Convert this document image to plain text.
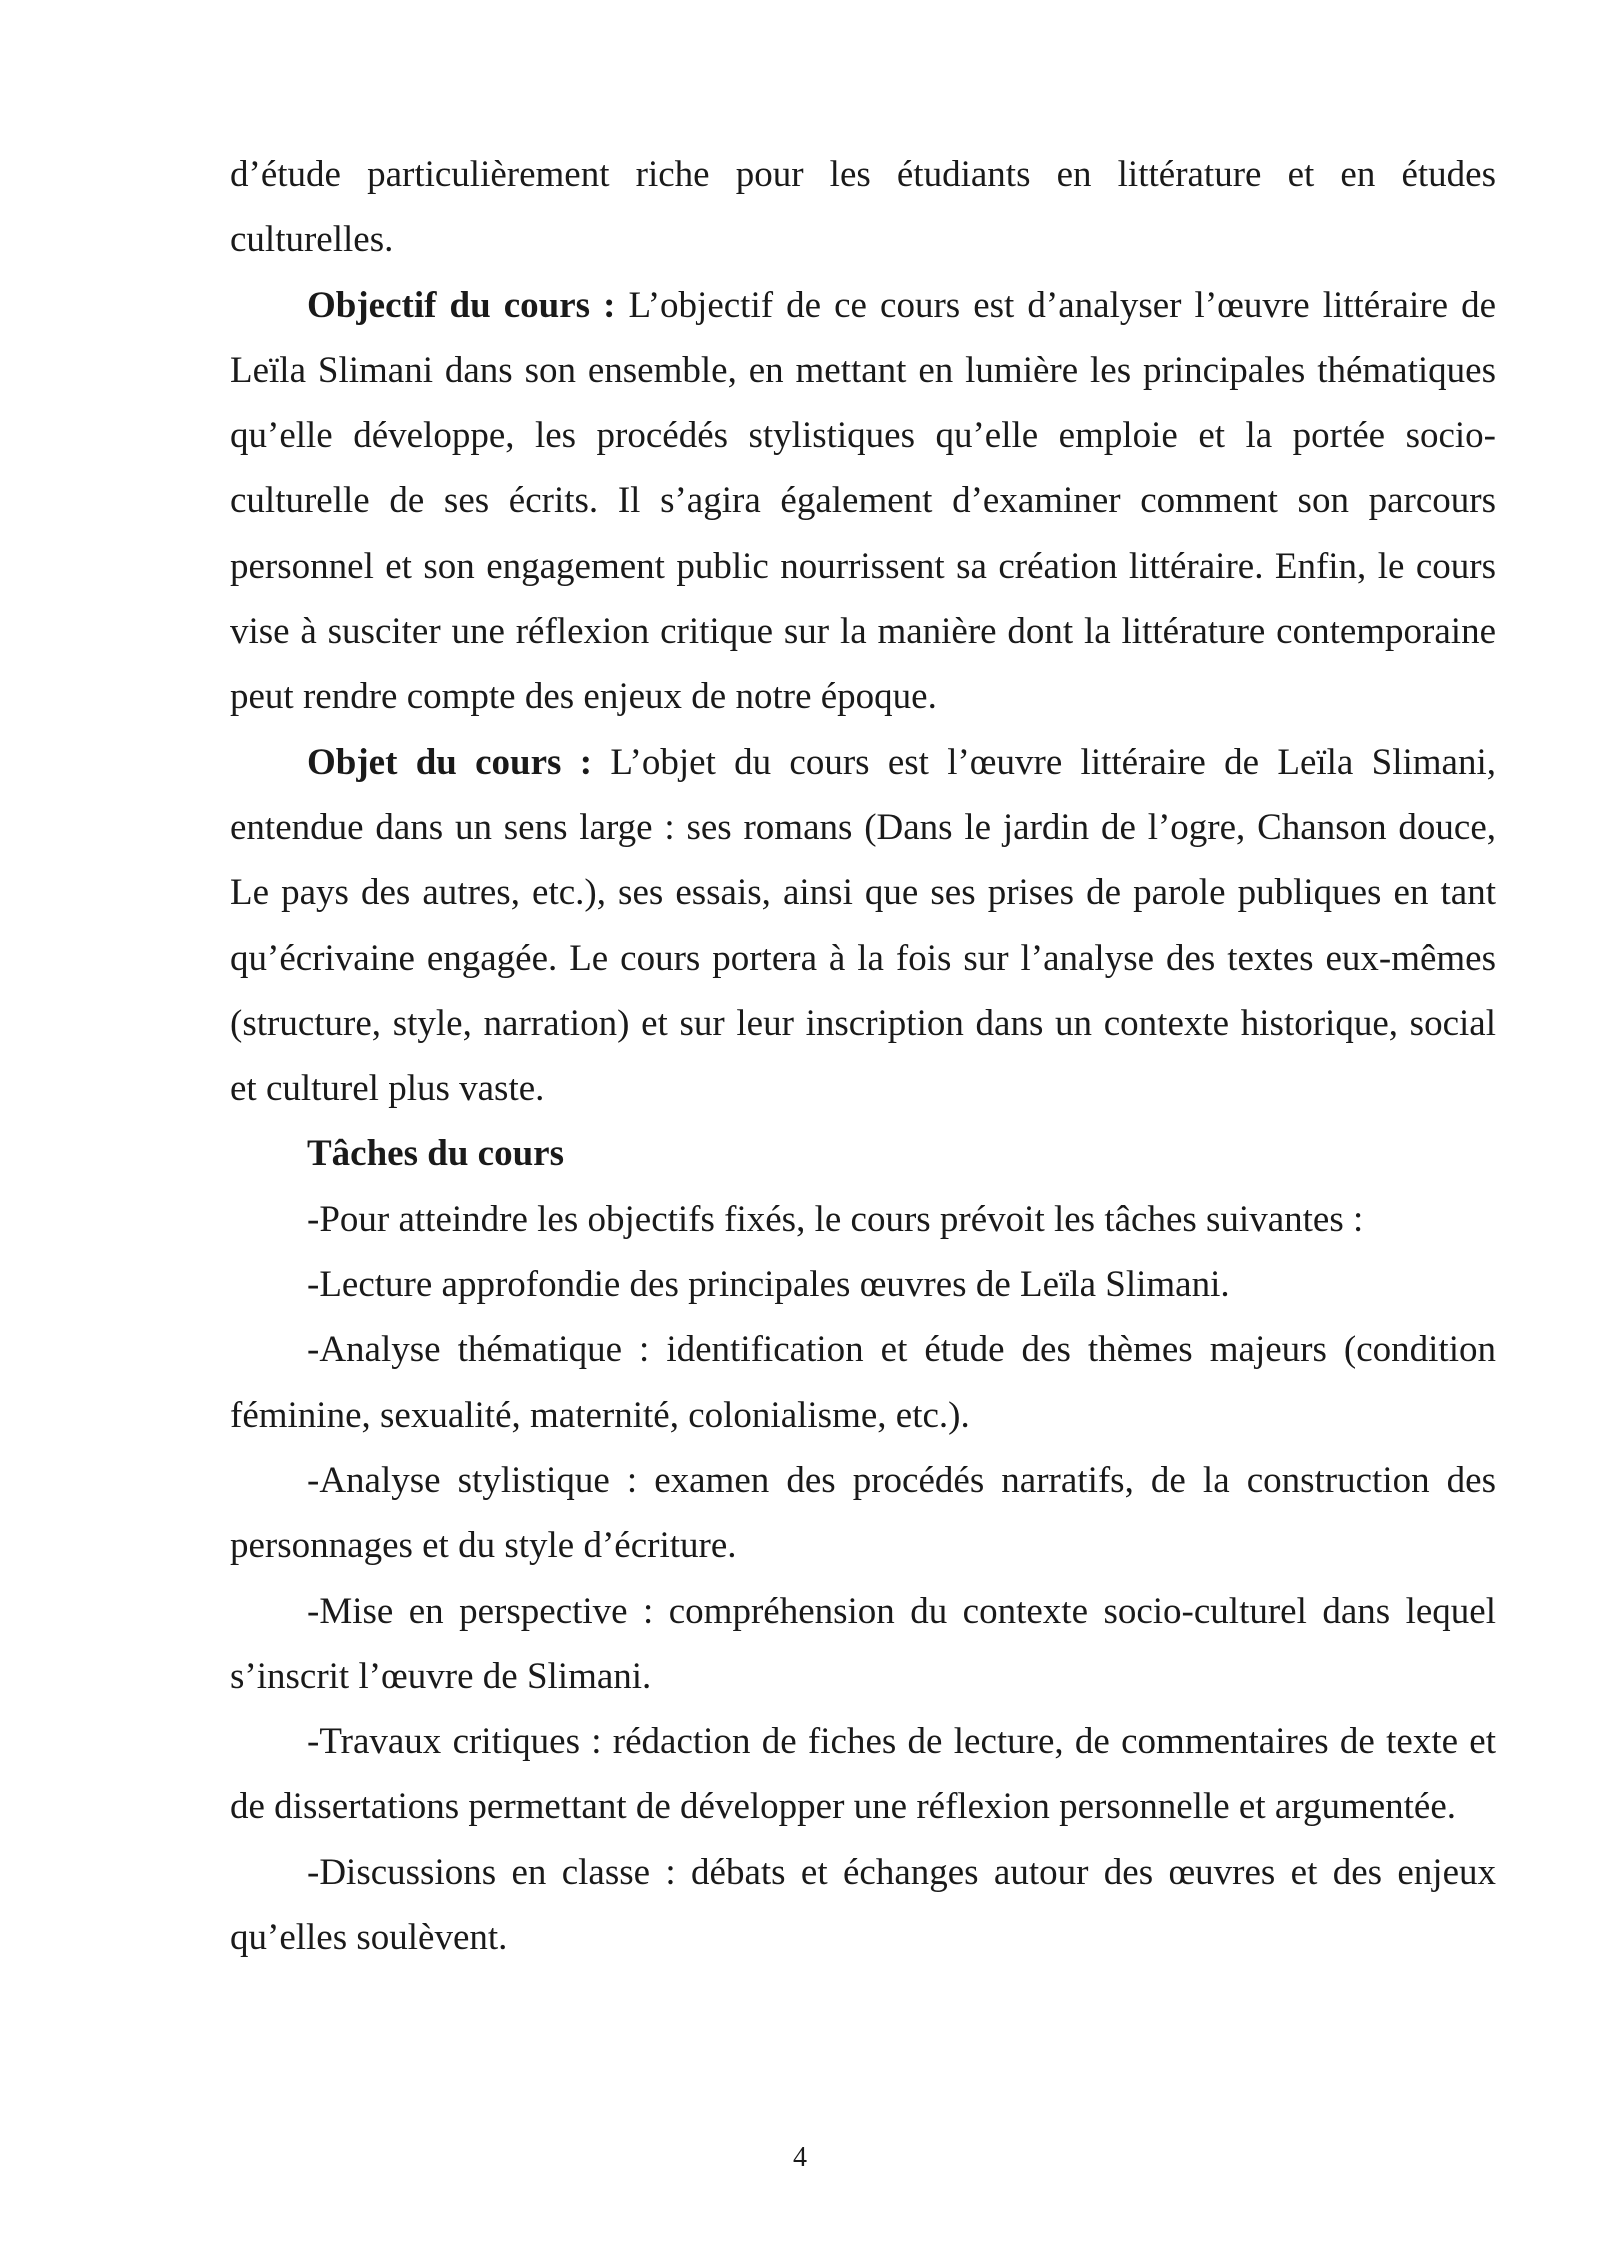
d’étude particulièrement riche pour les étudiants en littérature et en études culturelles.

Objectif du cours : L’objectif de ce cours est d’analyser l’œuvre littéraire de Leïla Slimani dans son ensemble, en mettant en lumière les principales thématiques qu’elle développe, les procédés stylistiques qu’elle emploie et la portée socio-culturelle de ses écrits. Il s’agira également d’examiner comment son parcours personnel et son engagement public nourrissent sa création littéraire. Enfin, le cours vise à susciter une réflexion critique sur la manière dont la littérature contemporaine peut rendre compte des enjeux de notre époque.

Objet du cours : L’objet du cours est l’œuvre littéraire de Leïla Slimani, entendue dans un sens large : ses romans (Dans le jardin de l’ogre, Chanson douce, Le pays des autres, etc.), ses essais, ainsi que ses prises de parole publiques en tant qu’écrivaine engagée. Le cours portera à la fois sur l’analyse des textes eux-mêmes (structure, style, narration) et sur leur inscription dans un contexte historique, social et culturel plus vaste.

Tâches du cours

-Pour atteindre les objectifs fixés, le cours prévoit les tâches suivantes :

-Lecture approfondie des principales œuvres de Leïla Slimani.

-Analyse thématique : identification et étude des thèmes majeurs (condition féminine, sexualité, maternité, colonialisme, etc.).

-Analyse stylistique : examen des procédés narratifs, de la construction des personnages et du style d’écriture.

-Mise en perspective : compréhension du contexte socio-culturel dans lequel s’inscrit l’œuvre de Slimani.

-Travaux critiques : rédaction de fiches de lecture, de commentaires de texte et de dissertations permettant de développer une réflexion personnelle et argumentée.

-Discussions en classe : débats et échanges autour des œuvres et des enjeux qu’elles soulèvent.

4
